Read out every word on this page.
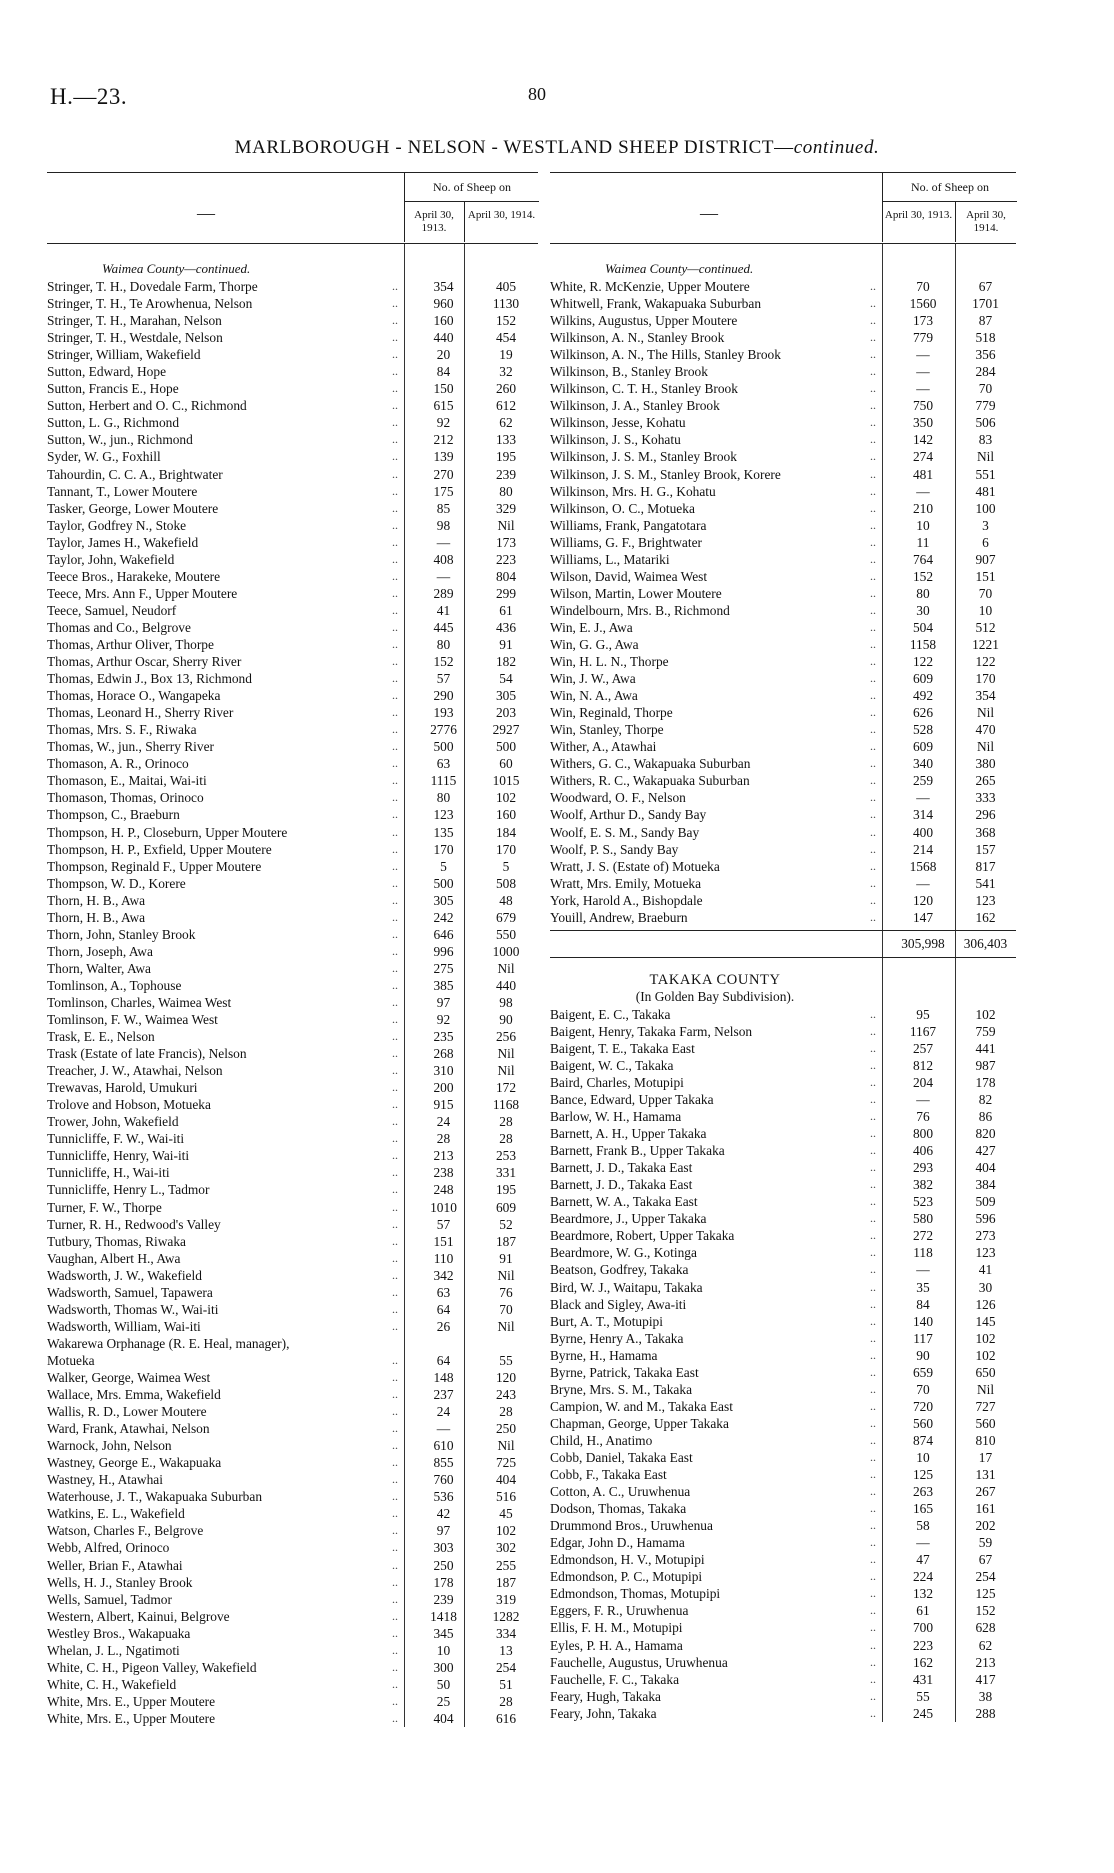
H.—23.	80
MARLBOROUGH - NELSON - WESTLAND SHEEP DISTRICT—continued.
—
No. of Sheep on
April 30, 1913.
April 30, 1914.
Waimea County—continued.
Stringer, T. H., Dovedale Farm, Thorpe	..	354	405
Stringer, T. H., Te Arowhenua, Nelson	..	960	1130
Stringer, T. H., Marahan, Nelson	..	160	152
Stringer, T. H., Westdale, Nelson	..	440	454
Stringer, William, Wakefield	..	20	19
Sutton, Edward, Hope	..	84	32
Sutton, Francis E., Hope	..	150	260
Sutton, Herbert and O. C., Richmond	..	615	612
Sutton, L. G., Richmond	..	92	62
Sutton, W., jun., Richmond	..	212	133
Syder, W. G., Foxhill	..	139	195
Tahourdin, C. C. A., Brightwater	..	270	239
Tannant, T., Lower Moutere	..	175	80
Tasker, George, Lower Moutere	..	85	329
Taylor, Godfrey N., Stoke	..	98	Nil
Taylor, James H., Wakefield	..	—	173
Taylor, John, Wakefield	..	408	223
Teece Bros., Harakeke, Moutere	..	—	804
Teece, Mrs. Ann F., Upper Moutere	..	289	299
Teece, Samuel, Neudorf	..	41	61
Thomas and Co., Belgrove	..	445	436
Thomas, Arthur Oliver, Thorpe	..	80	91
Thomas, Arthur Oscar, Sherry River	..	152	182
Thomas, Edwin J., Box 13, Richmond	..	57	54
Thomas, Horace O., Wangapeka	..	290	305
Thomas, Leonard H., Sherry River	..	193	203
Thomas, Mrs. S. F., Riwaka	..	2776	2927
Thomas, W., jun., Sherry River	..	500	500
Thomason, A. R., Orinoco	..	63	60
Thomason, E., Maitai, Wai-iti	..	1115	1015
Thomason, Thomas, Orinoco	..	80	102
Thompson, C., Braeburn	..	123	160
Thompson, H. P., Closeburn, Upper Moutere	..	135	184
Thompson, H. P., Exfield, Upper Moutere	..	170	170
Thompson, Reginald F., Upper Moutere	..	5	5
Thompson, W. D., Korere	..	500	508
Thorn, H. B., Awa	..	305	48
Thorn, H. B., Awa	..	242	679
Thorn, John, Stanley Brook	..	646	550
Thorn, Joseph, Awa	..	996	1000
Thorn, Walter, Awa	..	275	Nil
Tomlinson, A., Tophouse	..	385	440
Tomlinson, Charles, Waimea West	..	97	98
Tomlinson, F. W., Waimea West	..	92	90
Trask, E. E., Nelson	..	235	256
Trask (Estate of late Francis), Nelson	..	268	Nil
Treacher, J. W., Atawhai, Nelson	..	310	Nil
Trewavas, Harold, Umukuri	..	200	172
Trolove and Hobson, Motueka	..	915	1168
Trower, John, Wakefield	..	24	28
Tunnicliffe, F. W., Wai-iti	..	28	28
Tunnicliffe, Henry, Wai-iti	..	213	253
Tunnicliffe, H., Wai-iti	..	238	331
Tunnicliffe, Henry L., Tadmor	..	248	195
Turner, F. W., Thorpe	..	1010	609
Turner, R. H., Redwood's Valley	..	57	52
Tutbury, Thomas, Riwaka	..	151	187
Vaughan, Albert H., Awa	..	110	91
Wadsworth, J. W., Wakefield	..	342	Nil
Wadsworth, Samuel, Tapawera	..	63	76
Wadsworth, Thomas W., Wai-iti	..	64	70
Wadsworth, William, Wai-iti	..	26	Nil
Wakarewa Orphanage (R. E. Heal, manager),
Motueka	..	64	55
Walker, George, Waimea West	..	148	120
Wallace, Mrs. Emma, Wakefield	..	237	243
Wallis, R. D., Lower Moutere	..	24	28
Ward, Frank, Atawhai, Nelson	..	—	250
Warnock, John, Nelson	..	610	Nil
Wastney, George E., Wakapuaka	..	855	725
Wastney, H., Atawhai	..	760	404
Waterhouse, J. T., Wakapuaka Suburban	..	536	516
Watkins, E. L., Wakefield	..	42	45
Watson, Charles F., Belgrove	..	97	102
Webb, Alfred, Orinoco	..	303	302
Weller, Brian F., Atawhai	..	250	255
Wells, H. J., Stanley Brook	..	178	187
Wells, Samuel, Tadmor	..	239	319
Western, Albert, Kainui, Belgrove	..	1418	1282
Westley Bros., Wakapuaka	..	345	334
Whelan, J. L., Ngatimoti	..	10	13
White, C. H., Pigeon Valley, Wakefield	..	300	254
White, C. H., Wakefield	..	50	51
White, Mrs. E., Upper Moutere	..	25	28
White, Mrs. E., Upper Moutere	..	404	616
—
No. of Sheep on
April 30, 1913.	April 30, 1914.
Waimea County—continued.
White, R. McKenzie, Upper Moutere	..	70	67
Whitwell, Frank, Wakapuaka Suburban	..	1560	1701
Wilkins, Augustus, Upper Moutere	..	173	87
Wilkinson, A. N., Stanley Brook	..	779	518
Wilkinson, A. N., The Hills, Stanley Brook	..	—	356
Wilkinson, B., Stanley Brook	..	—	284
Wilkinson, C. T. H., Stanley Brook	..	—	70
Wilkinson, J. A., Stanley Brook	..	750	779
Wilkinson, Jesse, Kohatu	..	350	506
Wilkinson, J. S., Kohatu	..	142	83
Wilkinson, J. S. M., Stanley Brook	..	274	Nil
Wilkinson, J. S. M., Stanley Brook, Korere	..	481	551
Wilkinson, Mrs. H. G., Kohatu	..	—	481
Wilkinson, O. C., Motueka	..	210	100
Williams, Frank, Pangatotara	..	10	3
Williams, G. F., Brightwater	..	11	6
Williams, L., Matariki	..	764	907
Wilson, David, Waimea West	..	152	151
Wilson, Martin, Lower Moutere	..	80	70
Windelbourn, Mrs. B., Richmond	..	30	10
Win, E. J., Awa	..	504	512
Win, G. G., Awa	..	1158	1221
Win, H. L. N., Thorpe	..	122	122
Win, J. W., Awa	..	609	170
Win, N. A., Awa	..	492	354
Win, Reginald, Thorpe	..	626	Nil
Win, Stanley, Thorpe	..	528	470
Wither, A., Atawhai	..	609	Nil
Withers, G. C., Wakapuaka Suburban	..	340	380
Withers, R. C., Wakapuaka Suburban	..	259	265
Woodward, O. F., Nelson	..	—	333
Woolf, Arthur D., Sandy Bay	..	314	296
Woolf, E. S. M., Sandy Bay	..	400	368
Woolf, P. S., Sandy Bay	..	214	157
Wratt, J. S. (Estate of) Motueka	..	1568	817
Wratt, Mrs. Emily, Motueka	..	—	541
York, Harold A., Bishopdale	..	120	123
Youill, Andrew, Braeburn	..	147	162
305,998	306,403
TAKAKA COUNTY
(In Golden Bay Subdivision).
Baigent, E. C., Takaka	..	95	102
Baigent, Henry, Takaka Farm, Nelson	..	1167	759
Baigent, T. E., Takaka East	..	257	441
Baigent, W. C., Takaka	..	812	987
Baird, Charles, Motupipi	..	204	178
Bance, Edward, Upper Takaka	..	—	82
Barlow, W. H., Hamama	..	76	86
Barnett, A. H., Upper Takaka	..	800	820
Barnett, Frank B., Upper Takaka	..	406	427
Barnett, J. D., Takaka East	..	293	404
Barnett, J. D., Takaka East	..	382	384
Barnett, W. A., Takaka East	..	523	509
Beardmore, J., Upper Takaka	..	580	596
Beardmore, Robert, Upper Takaka	..	272	273
Beardmore, W. G., Kotinga	..	118	123
Beatson, Godfrey, Takaka	..	—	41
Bird, W. J., Waitapu, Takaka	..	35	30
Black and Sigley, Awa-iti	..	84	126
Burt, A. T., Motupipi	..	140	145
Byrne, Henry A., Takaka	..	117	102
Byrne, H., Hamama	..	90	102
Byrne, Patrick, Takaka East	..	659	650
Bryne, Mrs. S. M., Takaka	..	70	Nil
Campion, W. and M., Takaka East	..	720	727
Chapman, George, Upper Takaka	..	560	560
Child, H., Anatimo	..	874	810
Cobb, Daniel, Takaka East	..	10	17
Cobb, F., Takaka East	..	125	131
Cotton, A. C., Uruwhenua	..	263	267
Dodson, Thomas, Takaka	..	165	161
Drummond Bros., Uruwhenua	..	58	202
Edgar, John D., Hamama	..	—	59
Edmondson, H. V., Motupipi	..	47	67
Edmondson, P. C., Motupipi	..	224	254
Edmondson, Thomas, Motupipi	..	132	125
Eggers, F. R., Uruwhenua	..	61	152
Ellis, F. H. M., Motupipi	..	700	628
Eyles, P. H. A., Hamama	..	223	62
Fauchelle, Augustus, Uruwhenua	..	162	213
Fauchelle, F. C., Takaka	..	431	417
Feary, Hugh, Takaka	..	55	38
Feary, John, Takaka	..	245	288
